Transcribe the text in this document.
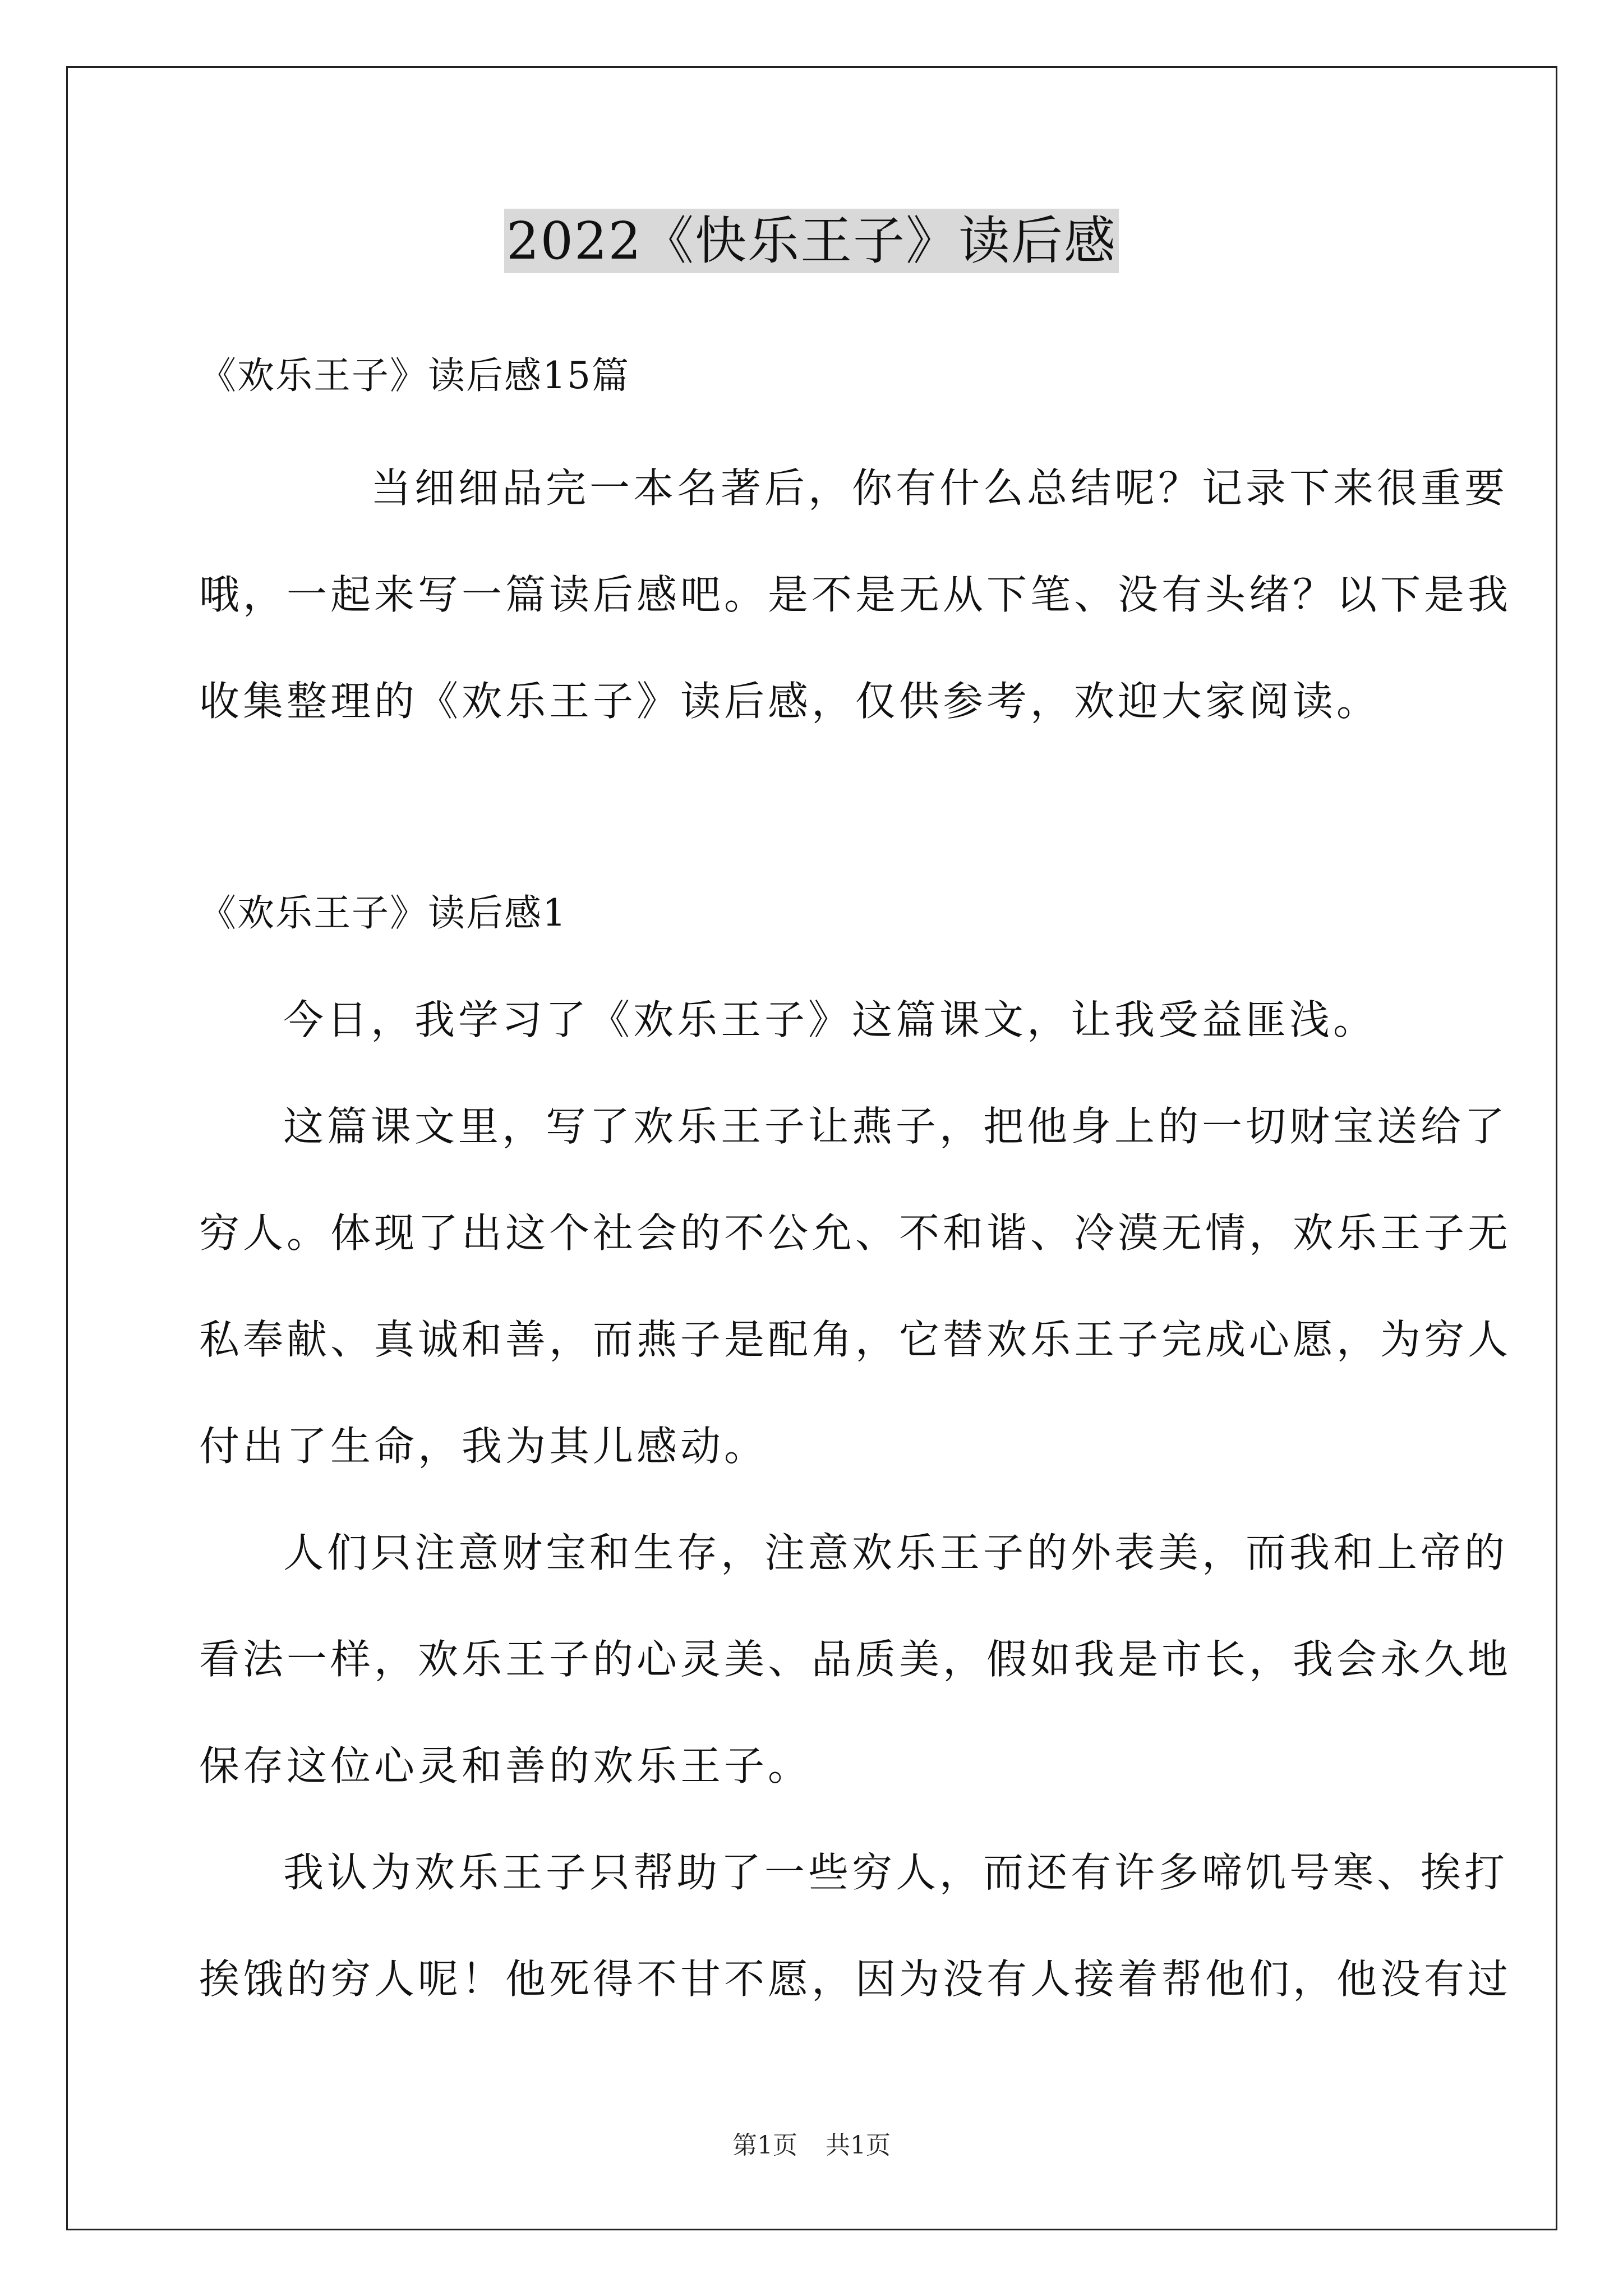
2022《快乐王子》读后感
《欢乐王子》读后感15篇
　　当细细品完一本名著后，你有什么总结呢？记录下来很重要
哦，一起来写一篇读后感吧。是不是无从下笔、没有头绪？以下是我
收集整理的《欢乐王子》读后感，仅供参考，欢迎大家阅读。
《欢乐王子》读后感1
今日，我学习了《欢乐王子》这篇课文，让我受益匪浅。
这篇课文里，写了欢乐王子让燕子，把他身上的一切财宝送给了
穷人。体现了出这个社会的不公允、不和谐、冷漠无情，欢乐王子无
私奉献、真诚和善，而燕子是配角，它替欢乐王子完成心愿，为穷人
付出了生命，我为其儿感动。
人们只注意财宝和生存，注意欢乐王子的外表美，而我和上帝的
看法一样，欢乐王子的心灵美、品质美，假如我是市长，我会永久地
保存这位心灵和善的欢乐王子。
我认为欢乐王子只帮助了一些穷人，而还有许多啼饥号寒、挨打
挨饿的穷人呢！他死得不甘不愿，因为没有人接着帮他们，他没有过
第1页 共1页
